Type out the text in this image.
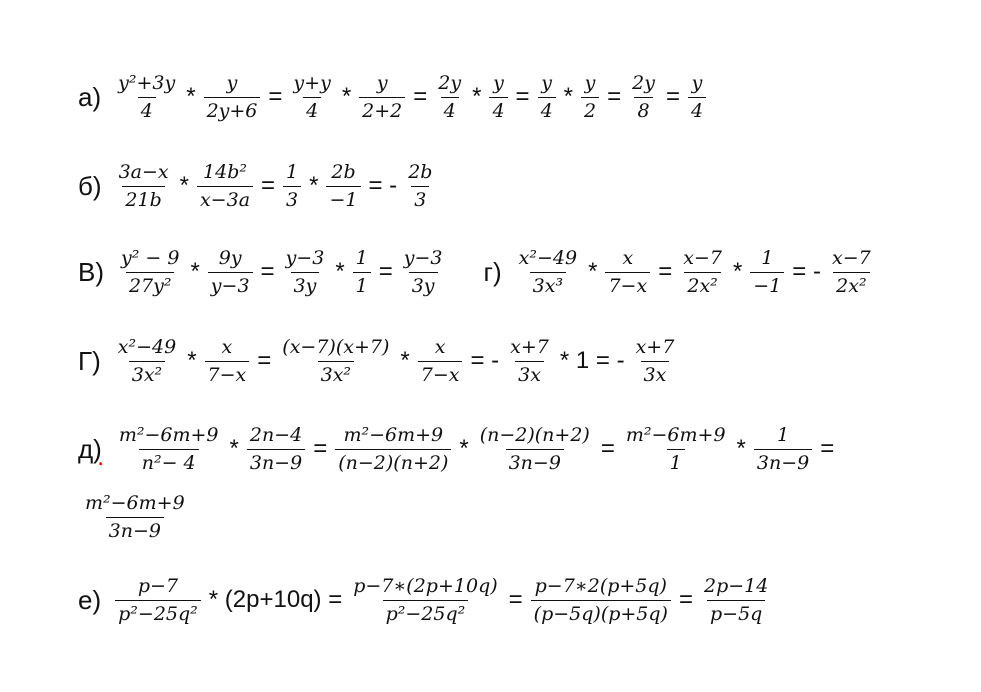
$а) \frac{\text{y²+3y}}{4} * \frac{y}{2y+6} = \frac{y+y}{4} * \frac{y}{2+2} = \frac{2y}{4} * \frac{y}{4} = \frac{y}{4} * \frac{y}{2} = \frac{2y}{8} = \frac{y}{4}$
$б) \frac{3a-x}{21b} * \frac{\text{14b²}}{x-3a} = \frac{1}{3} * \frac{2b}{-1}$ = - $\frac{2b}{3}$
$В) \frac{\text{y² − 9}}{\text{27y²}} * \frac{9y}{y-3} = \frac{y-3}{3y} * \frac{1}{1} = \frac{y-3}{3y} г) \frac{\text{x²−49}}{\text{3x³}} * \frac{x}{7-x} = \frac{x-7}{\text{2x²}} * \frac{1}{-1}$ = - $\frac{x-7}{\text{2x²}}$
$Г) \frac{\text{x²−49}}{\text{3x²}} * \frac{x}{7-x} = \frac{(x-7)(x+7)}{\text{3x²}} * \frac{x}{7-x}$ = - $\frac{x+7}{3x} * 1$ = - $\frac{x+7}{3x}$
$д) \frac{\text{m²−6m+9}}{\text{n²− 4}} * \frac{2n-4}{3n-9} = \frac{\text{m²−6m+9}}{(n-2)(n+2)} * \frac{(n-2)(n+2)}{3n-9} = \frac{\text{m²−6m+9}}{1} * \frac{1}{3n-9}$ =
$\frac{\text{m²−6m+9}}{3n-9}$
$е) \frac{p-7}{\text{p²−25q²}} * (2p+10q) = \frac{p-7∗(2p+10q)}{\text{p²−25q²}} = \frac{p-7∗2(p+5q)}{(p-5q)(p+5q)} = \frac{2p-14}{p-5q}$
